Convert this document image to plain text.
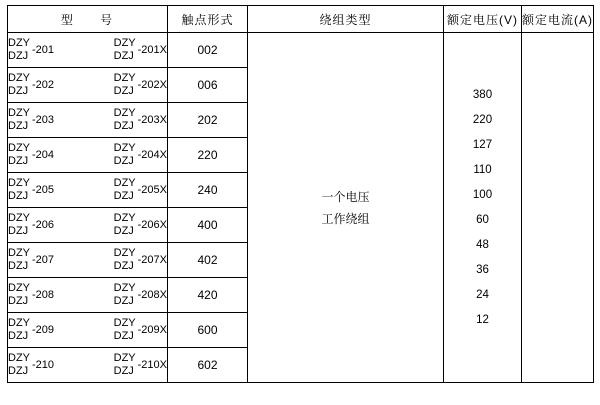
型 号	触点形式	绕组类型	额定电压(V)	额定电流(A)

DZY
DZJ -201
DZY
DZJ -201X	002	
一个电压
工作绕组

380
220
127
110
100
60
48
36
24
12

DZY
DZJ -202
DZY
DZJ -202X	006

DZY
DZJ -203
DZY
DZJ -203X	202

DZY
DZJ -204
DZY
DZJ -204X	220

DZY
DZJ -205
DZY
DZJ -205X	240

DZY
DZJ -206
DZY
DZJ -206X	400

DZY
DZJ -207
DZY
DZJ -207X	402

DZY
DZJ -208
DZY
DZJ -208X	420

DZY
DZJ -209
DZY
DZJ -209X	600

DZY
DZJ -210
DZY
DZJ -210X	602
